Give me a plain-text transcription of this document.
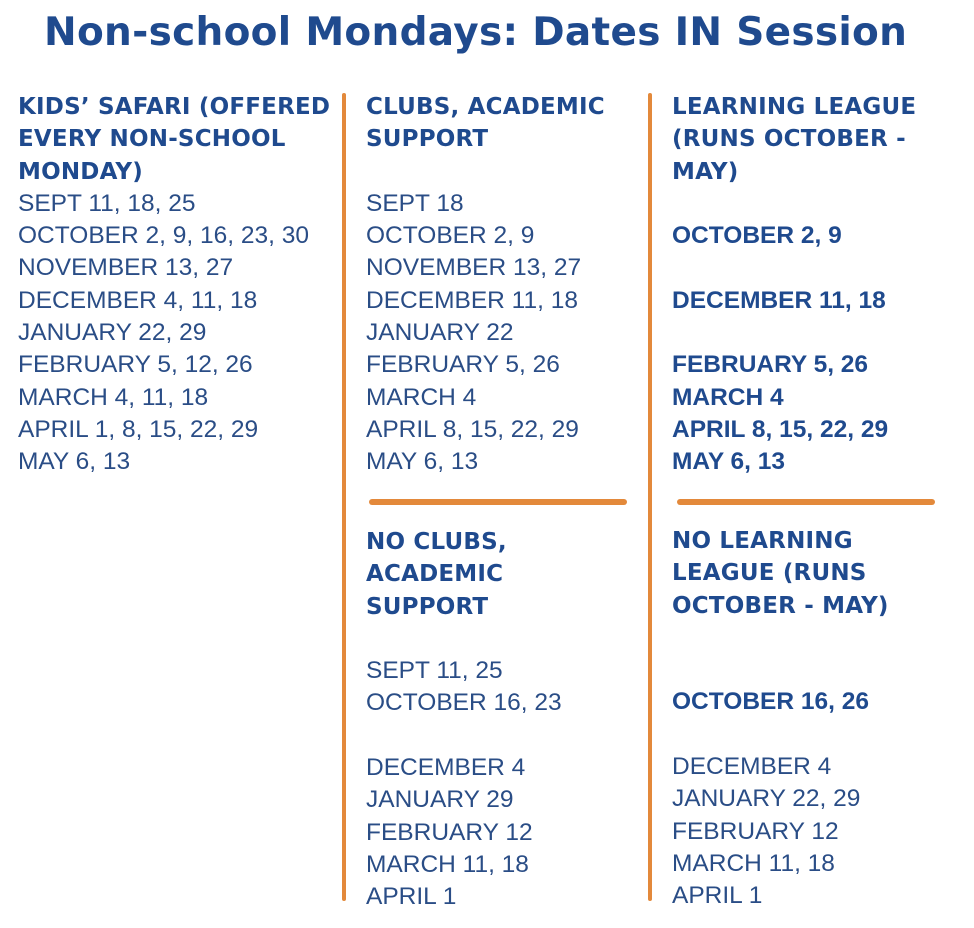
Non-school Mondays: Dates IN Session
KIDS’ SAFARI (OFFERED EVERY NON-SCHOOL MONDAY)
SEPT 11, 18, 25
OCTOBER 2, 9, 16, 23, 30
NOVEMBER 13, 27
DECEMBER 4, 11, 18
JANUARY 22, 29
FEBRUARY 5, 12, 26
MARCH 4, 11, 18
APRIL 1, 8, 15, 22, 29
MAY 6, 13
CLUBS, ACADEMIC SUPPORT
SEPT 18
OCTOBER 2, 9
NOVEMBER 13, 27
DECEMBER 11, 18
JANUARY 22
FEBRUARY 5, 26
MARCH 4
APRIL 8, 15, 22, 29
MAY 6, 13
NO CLUBS, ACADEMIC SUPPORT
SEPT 11, 25
OCTOBER 16, 23
DECEMBER 4
JANUARY 29
FEBRUARY 12
MARCH 11, 18
APRIL 1
LEARNING LEAGUE (RUNS OCTOBER - MAY)
OCTOBER 2, 9
DECEMBER 11, 18
FEBRUARY 5, 26
MARCH 4
APRIL 8, 15, 22, 29
MAY 6, 13
NO LEARNING LEAGUE (RUNS OCTOBER - MAY)
OCTOBER 16, 26
DECEMBER 4
JANUARY 22, 29
FEBRUARY 12
MARCH 11, 18
APRIL 1
